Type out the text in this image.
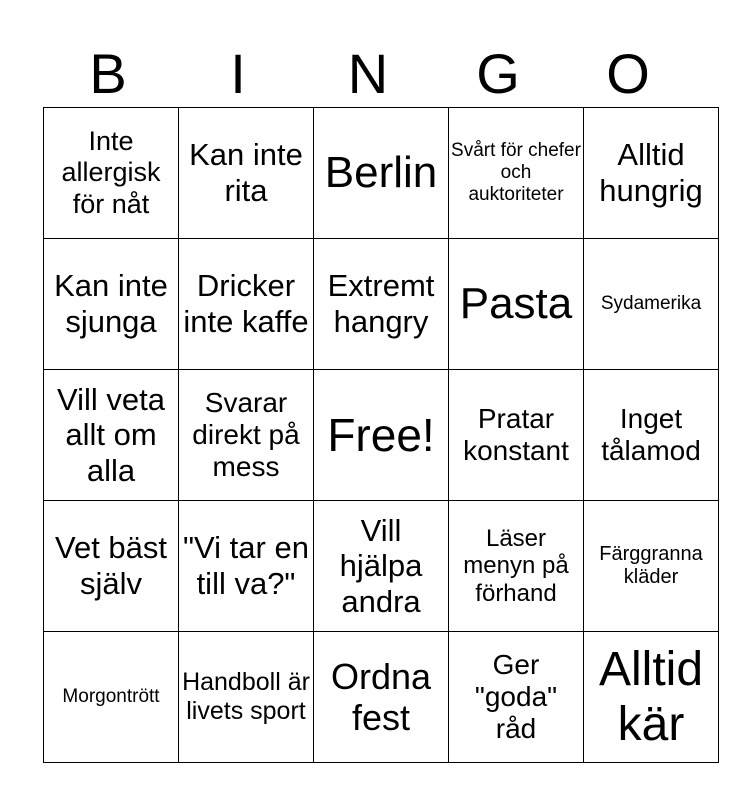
B	I	N	G	O
Inte allergisk för nåt	Kan inte rita	Berlin	Svårt för chefer och auktoriteter	Alltid hungrig
Kan inte sjunga	Dricker inte kaffe	Extremt hangry	Pasta	Sydamerika
Vill veta allt om alla	Svarar direkt på mess	Free!	Pratar konstant	Inget tålamod
Vet bäst själv	"Vi tar en till va?"	Vill hjälpa andra	Läser menyn på förhand	Färggranna kläder
Morgontrött	Handboll är livets sport	Ordna fest	Ger "goda" råd	Alltid kär
